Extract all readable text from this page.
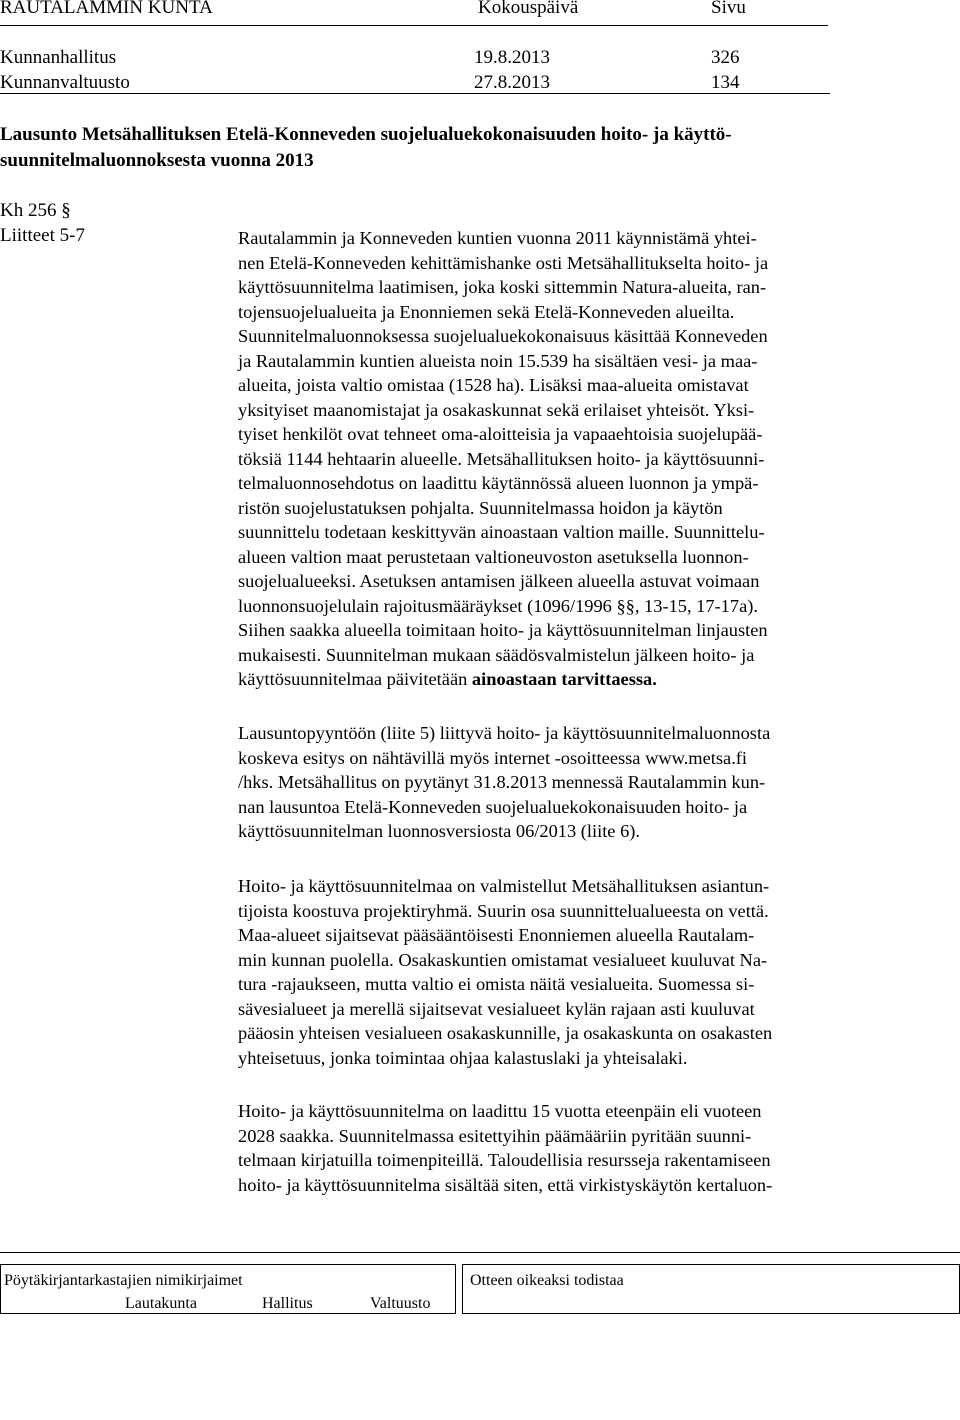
RAUTALAMMIN KUNTA	Kokouspäivä	Sivu
Kunnanhallitus	19.8.2013	326
Kunnanvaltuusto	27.8.2013	134
Lausunto Metsähallituksen Etelä-Konneveden suojelualuekokonaisuuden hoito- ja käyttö-
suunnitelmaluonnoksesta vuonna 2013
Kh 256 §
Liitteet 5-7	Rautalammin ja Konneveden kuntien vuonna 2011 käynnistämä yhtei-
nen Etelä-Konneveden kehittämishanke osti Metsähallitukselta hoito- ja
käyttösuunnitelma laatimisen, joka koski sittemmin Natura-alueita, ran-
tojensuojelualueita ja Enonniemen sekä Etelä-Konneveden alueilta.
Suunnitelmaluonnoksessa suojelualuekokonaisuus käsittää Konneveden
ja Rautalammin kuntien alueista noin 15.539 ha sisältäen vesi- ja maa-
alueita, joista valtio omistaa (1528 ha). Lisäksi maa-alueita omistavat
yksityiset maanomistajat ja osakaskunnat sekä erilaiset yhteisöt. Yksi-
tyiset henkilöt ovat tehneet oma-aloitteisia ja vapaaehtoisia suojelupää-
töksiä 1144 hehtaarin alueelle. Metsähallituksen hoito- ja käyttösuunni-
telmaluonnosehdotus on laadittu käytännössä alueen luonnon ja ympä-
ristön suojelustatuksen pohjalta. Suunnitelmassa hoidon ja käytön
suunnittelu todetaan keskittyvän ainoastaan valtion maille. Suunnittelu-
alueen valtion maat perustetaan valtioneuvoston asetuksella luonnon-
suojelualueeksi. Asetuksen antamisen jälkeen alueella astuvat voimaan
luonnonsuojelulain rajoitusmääräykset (1096/1996 §§, 13-15, 17-17a).
Siihen saakka alueella toimitaan hoito- ja käyttösuunnitelman linjausten
mukaisesti. Suunnitelman mukaan säädösvalmistelun jälkeen hoito- ja
käyttösuunnitelmaa päivitetään ainoastaan tarvittaessa.
Lausuntopyyntöön (liite 5) liittyvä hoito- ja käyttösuunnitelmaluonnosta
koskeva esitys on nähtävillä myös internet -osoitteessa www.metsa.fi
/hks. Metsähallitus on pyytänyt 31.8.2013 mennessä Rautalammin kun-
nan lausuntoa Etelä-Konneveden suojelualuekokonaisuuden hoito- ja
käyttösuunnitelman luonnosversiosta 06/2013 (liite 6).
Hoito- ja käyttösuunnitelmaa on valmistellut Metsähallituksen asiantun-
tijoista koostuva projektiryhmä. Suurin osa suunnittelualueesta on vettä.
Maa-alueet sijaitsevat pääsääntöisesti Enonniemen alueella Rautalam-
min kunnan puolella. Osakaskuntien omistamat vesialueet kuuluvat Na-
tura -rajaukseen, mutta valtio ei omista näitä vesialueita. Suomessa si-
sävesialueet ja merellä sijaitsevat vesialueet kylän rajaan asti kuuluvat
pääosin yhteisen vesialueen osakaskunnille, ja osakaskunta on osakasten
yhteisetuus, jonka toimintaa ohjaa kalastuslaki ja yhteisalaki.
Hoito- ja käyttösuunnitelma on laadittu 15 vuotta eteenpäin eli vuoteen
2028 saakka. Suunnitelmassa esitettyihin päämääriin pyritään suunni-
telmaan kirjatuilla toimenpiteillä. Taloudellisia resursseja rakentamiseen
hoito- ja käyttösuunnitelma sisältää siten, että virkistyskäytön kertaluon-
Pöytäkirjantarkastajien nimikirjaimet
Lautakunta	Hallitus	Valtuusto
Otteen oikeaksi todistaa
